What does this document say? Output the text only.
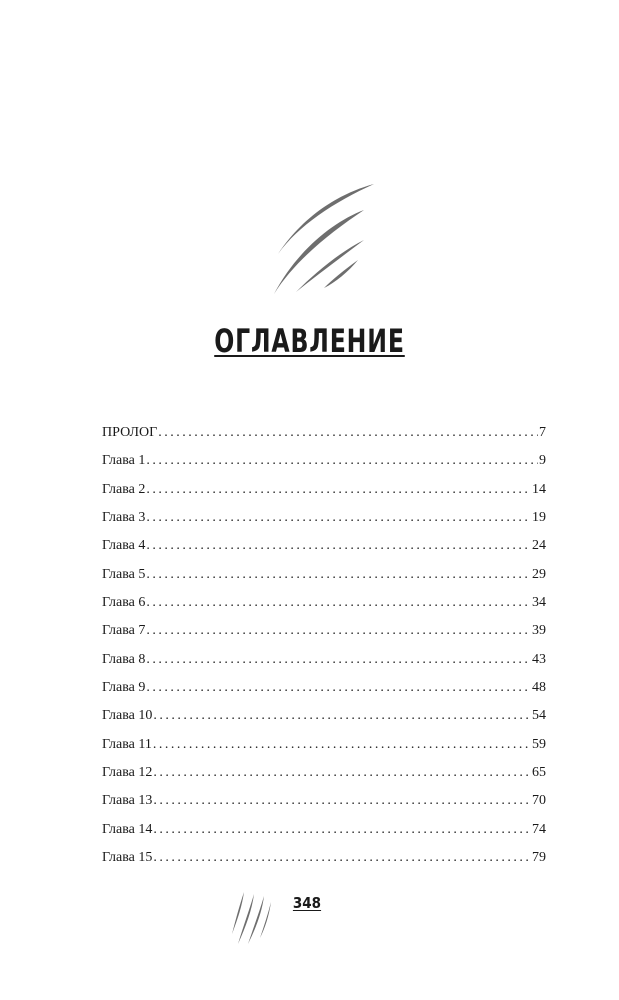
ОГЛАВЛЕНИЕ
ПРОЛОГ . . .	7
Глава 1 . . .	9
Глава 2 . . .	14
Глава 3 . . .	19
Глава 4 . . .	24
Глава 5 . . .	29
Глава 6 . . .	34
Глава 7 . . .	39
Глава 8 . . .	43
Глава 9 . . .	48
Глава 10 . . .	54
Глава 11 . . .	59
Глава 12 . . .	65
Глава 13 . . .	70
Глава 14 . . .	74
Глава 15 . . .	79
348
